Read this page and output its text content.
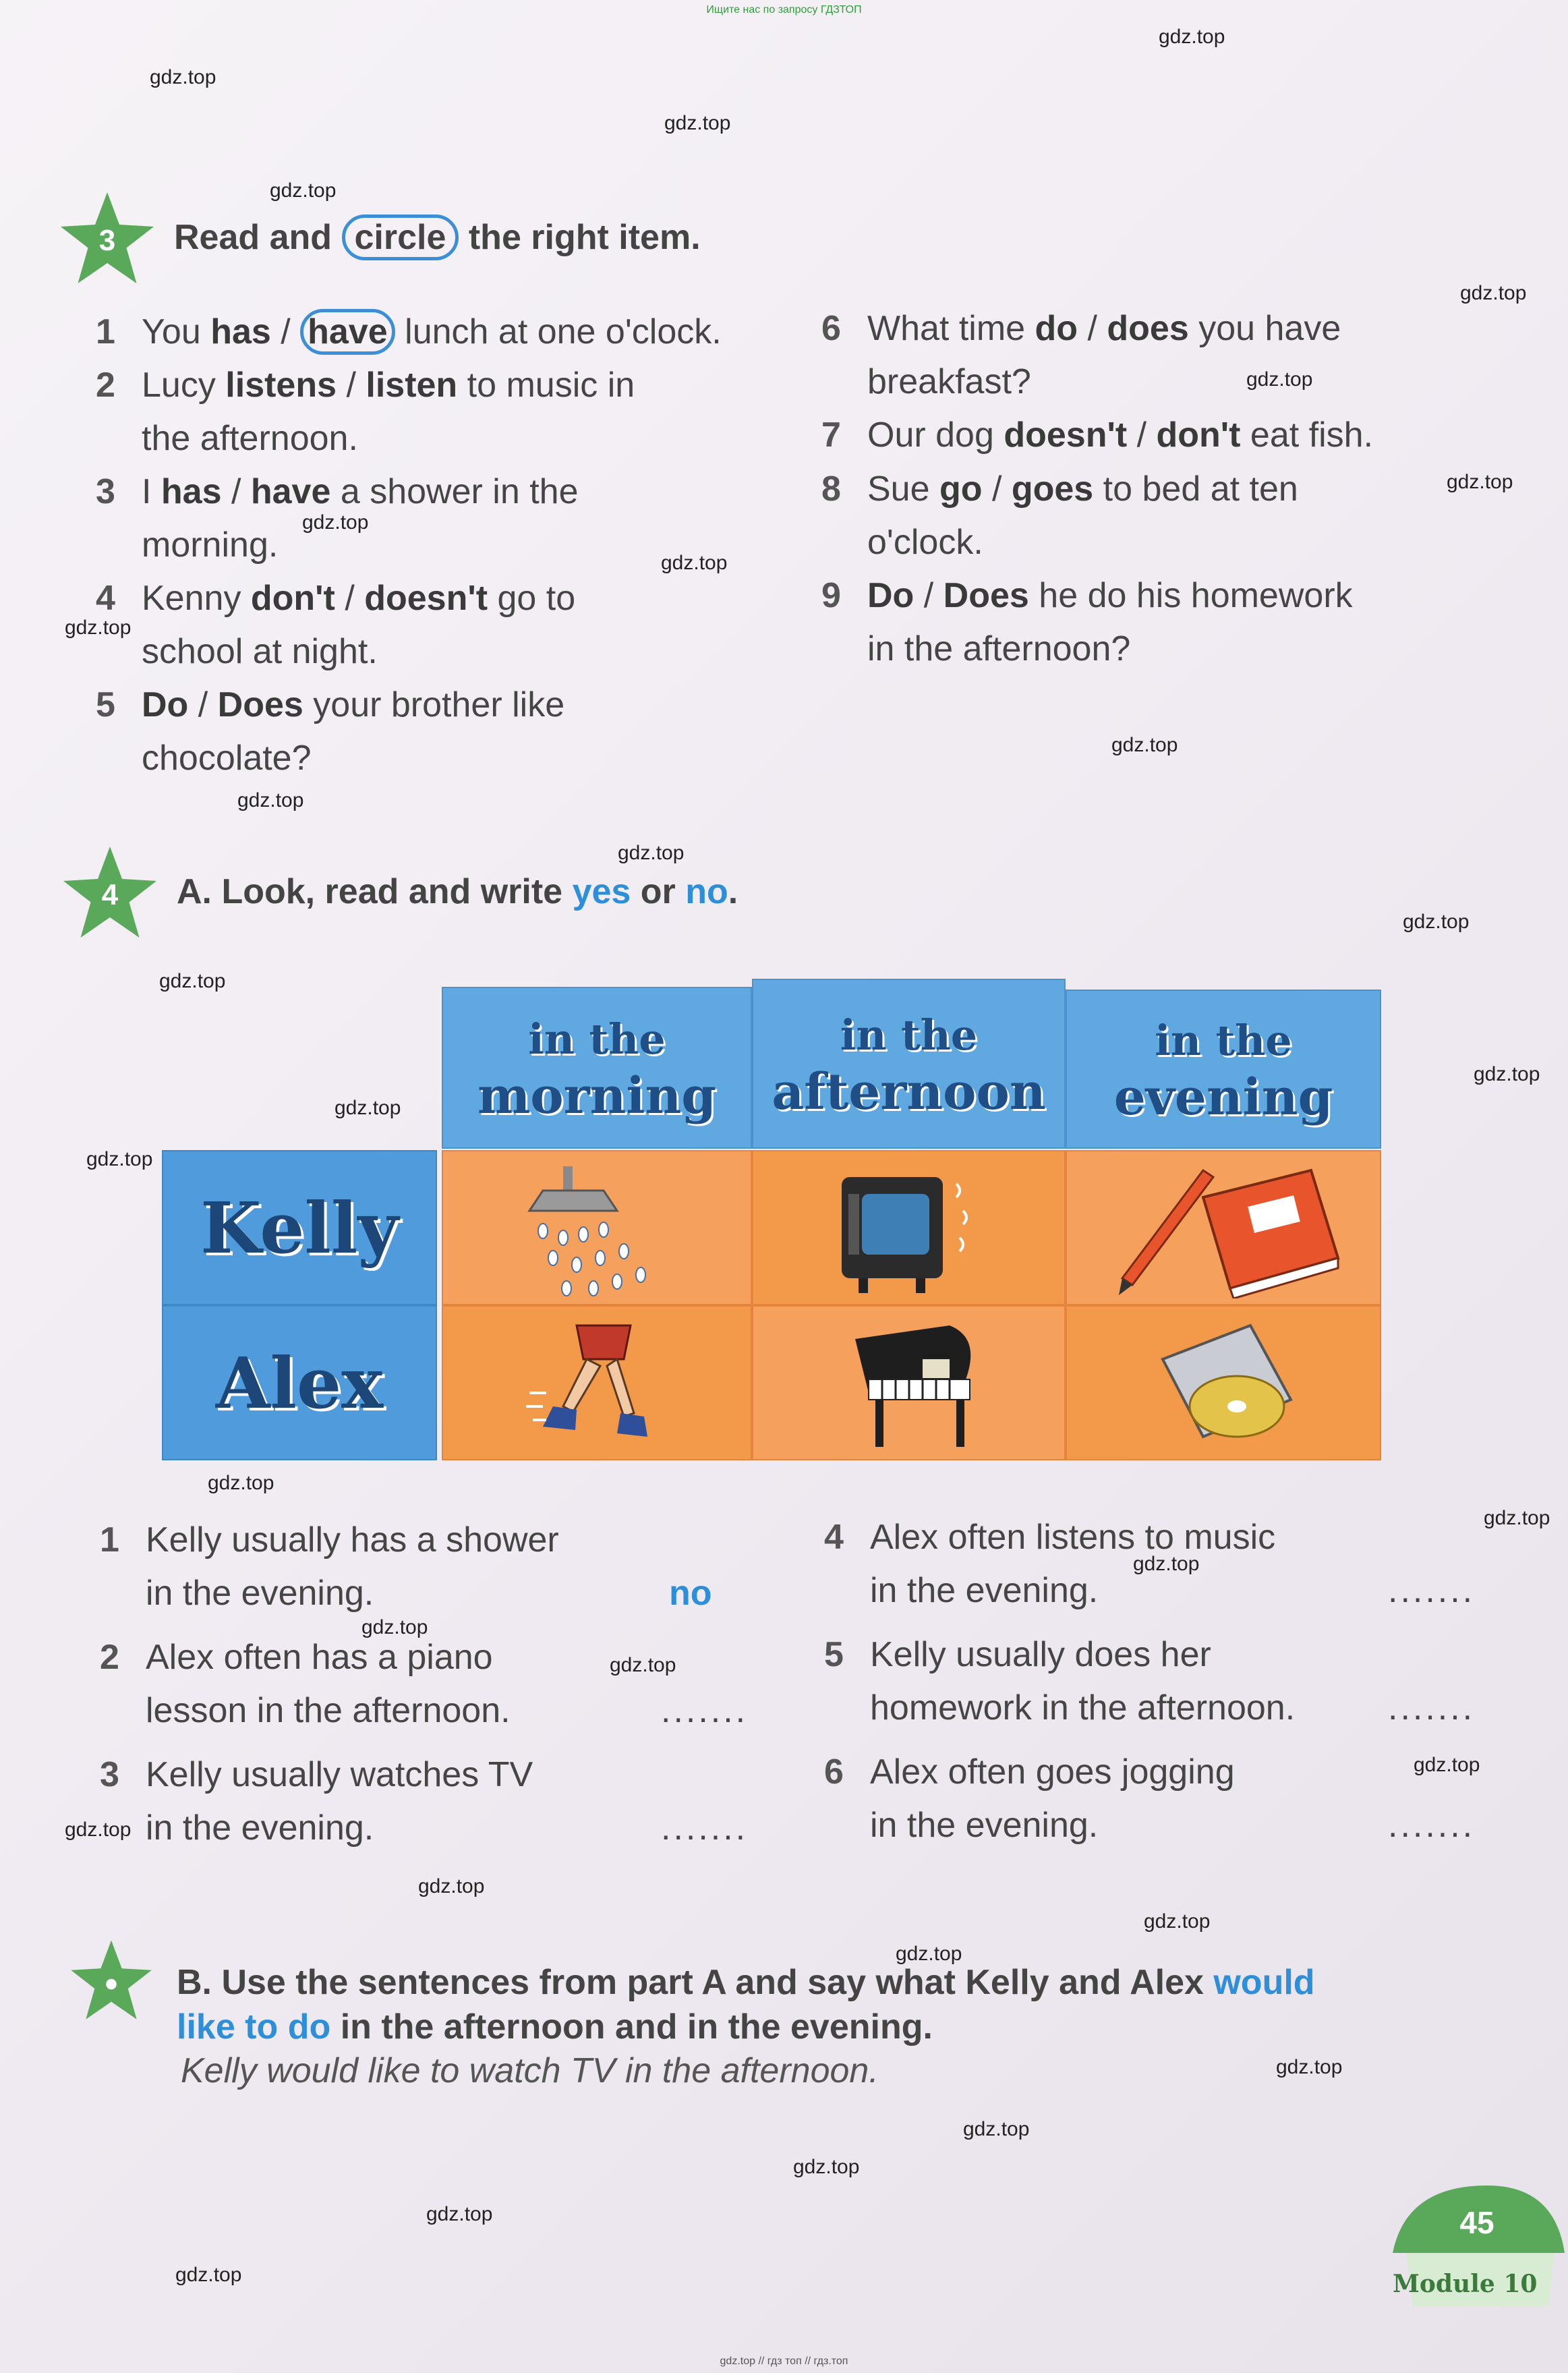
Ищите нас по запросу ГДЗТОП
gdz.top
gdz.top
gdz.top
gdz.top
gdz.top
gdz.top
gdz.top
gdz.top
gdz.top
gdz.top
gdz.top
gdz.top
gdz.top
gdz.top
gdz.top
gdz.top
gdz.top
gdz.top
gdz.top
gdz.top
gdz.top
gdz.top
gdz.top
gdz.top
gdz.top
gdz.top
gdz.top
gdz.top
gdz.top
gdz.top
gdz.top
gdz.top
gdz.top
3	Read and circle the right item.
1 You has / have lunch at one o'clock.
2 Lucy listens / listen to music in
the afternoon.
3 I has / have a shower in the
morning.
4 Kenny don't / doesn't go to
school at night.
5 Do / Does your brother like
chocolate?
6 What time do / does you have
breakfast?
7 Our dog doesn't / don't eat fish.
8 Sue go / goes to bed at ten
o'clock.
9 Do / Does he do his homework
in the afternoon?
4	A. Look, read and write yes or no.
in the
morning
in the
afternoon
in the
evening
Kelly
Alex
1 Kelly usually has a shower
in the evening.	no
2 Alex often has a piano
lesson in the afternoon.	.......
3 Kelly usually watches TV
in the evening.	.......
4 Alex often listens to music
in the evening.	.......
5 Kelly usually does her
homework in the afternoon.	.......
6 Alex often goes jogging
in the evening.	.......
B. Use the sentences from part A and say what Kelly and Alex would
like to do in the afternoon and in the evening.
Kelly would like to watch TV in the afternoon.
45
Module 10
gdz.top // гдз топ // гдз.топ
